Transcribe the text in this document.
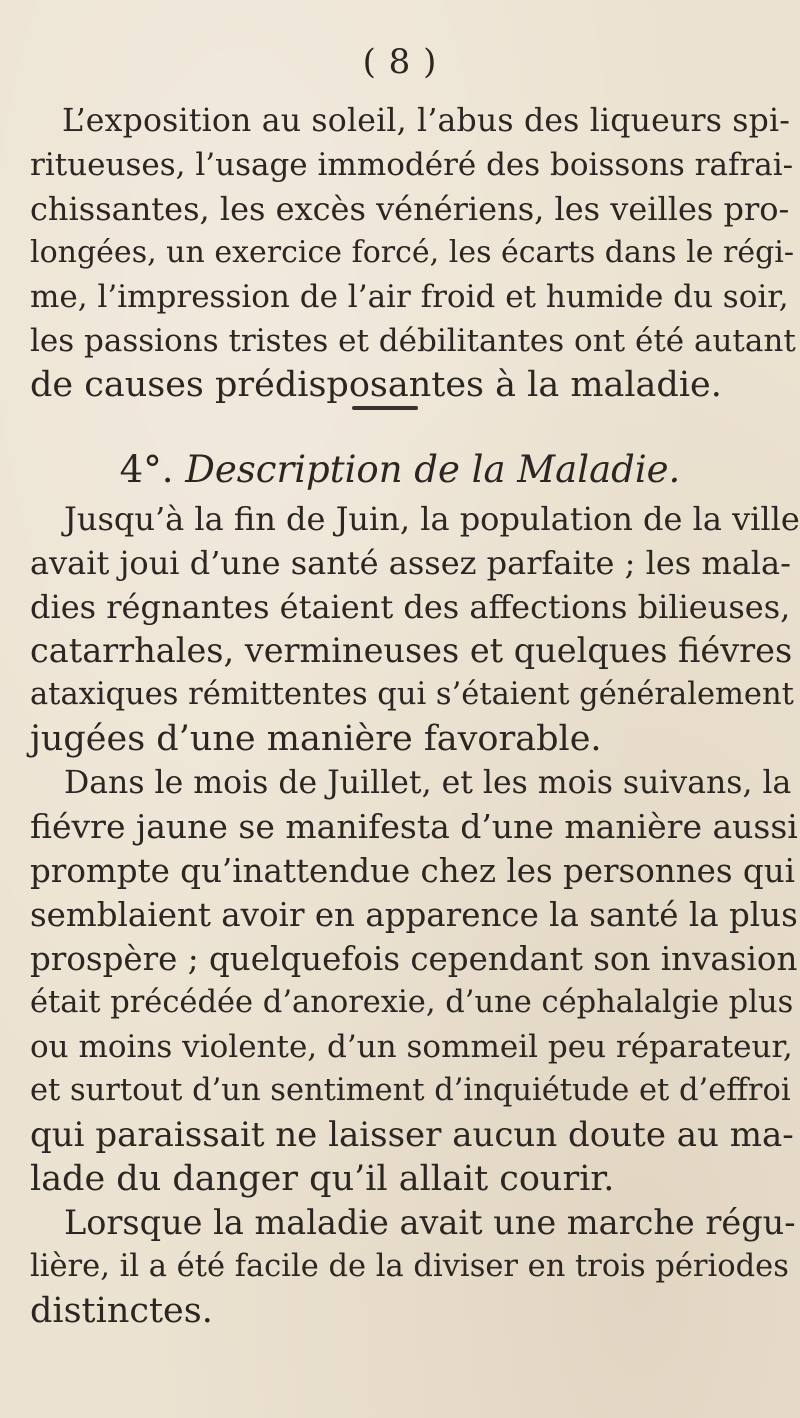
( 8 )
L’exposition au soleil, l’abus des liqueurs spi-
ritueuses, l’usage immodéré des boissons rafrai-
chissantes, les excès vénériens, les veilles pro-
longées, un exercice forcé, les écarts dans le régi-
me, l’impression de l’air froid et humide du soir,
les passions tristes et débilitantes ont été autant
de causes prédisposantes à la maladie.
4°. Description de la Maladie.
Jusqu’à la fin de Juin, la population de la ville
avait joui d’une santé assez parfaite ; les mala-
dies régnantes étaient des affections bilieuses,
catarrhales, vermineuses et quelques fiévres
ataxiques rémittentes qui s’étaient généralement
jugées d’une manière favorable.
Dans le mois de Juillet, et les mois suivans, la
fiévre jaune se manifesta d’une manière aussi
prompte qu’inattendue chez les personnes qui
semblaient avoir en apparence la santé la plus
prospère ; quelquefois cependant son invasion
était précédée d’anorexie, d’une céphalalgie plus
ou moins violente, d’un sommeil peu réparateur,
et surtout d’un sentiment d’inquiétude et d’effroi
qui paraissait ne laisser aucun doute au ma-
lade du danger qu’il allait courir.
Lorsque la maladie avait une marche régu-
lière, il a été facile de la diviser en trois périodes
distinctes.
